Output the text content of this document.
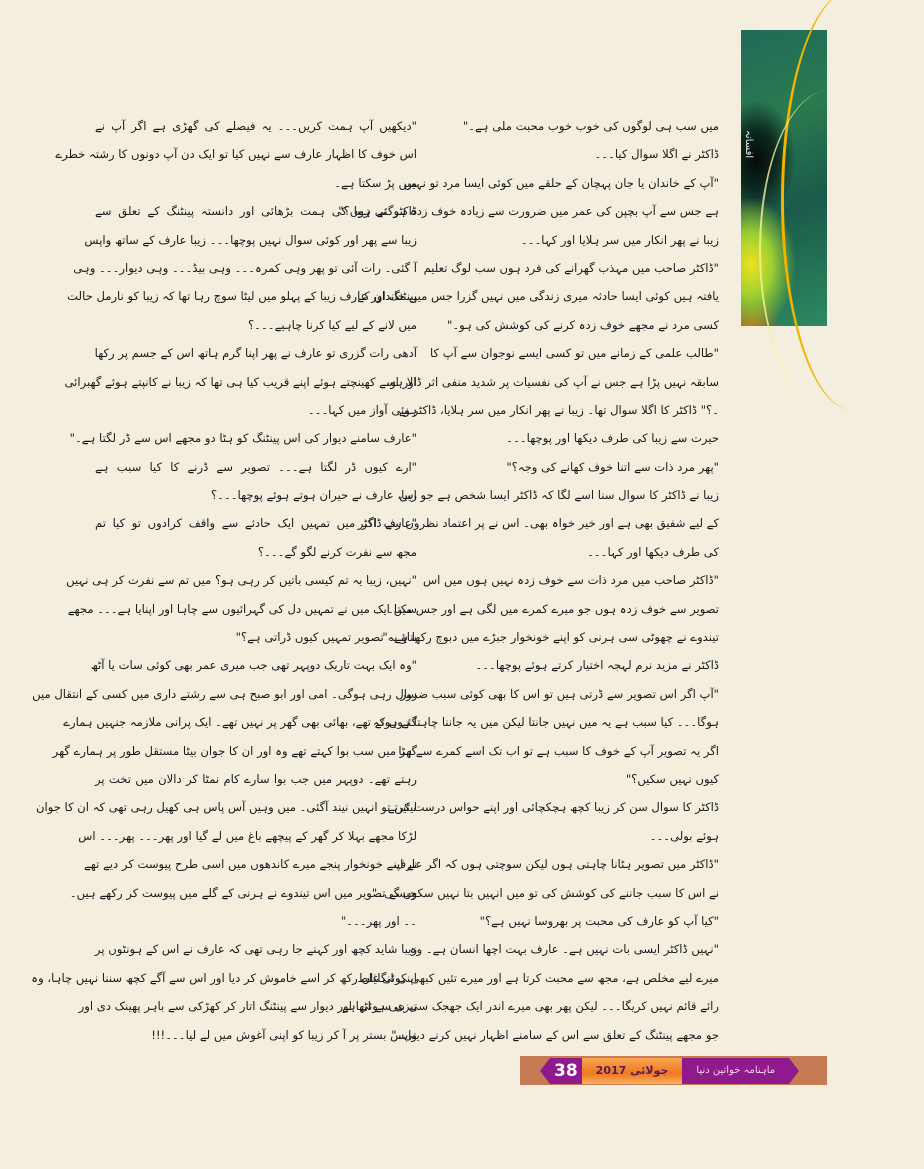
افسانہ
میں سب ہی لوگوں کی خوب خوب محبت ملی ہے۔"
ڈاکٹر نے اگلا سوال کیا۔۔۔
"آپ کے خاندان یا جان پہچان کے حلقے میں کوئی ایسا مرد تو نہیں
ہے جس سے آپ بچپن کی عمر میں ضرورت سے زیادہ خوف زدہ ہوگئی ہوں؟"
زیبا نے پھر انکار میں سر ہلایا اور کہا۔۔۔
"ڈاکٹر صاحب میں مہذب گھرانے کی فرد ہوں سب لوگ تعلیم
یافتہ ہیں کوئی ایسا حادثہ میری زندگی میں نہیں گزرا جس میں خاندان کے
کسی مرد نے مجھے خوف زدہ کرنے کی کوشش کی ہو۔"
"طالب علمی کے زمانے میں تو کسی ایسے نوجوان سے آپ کا
سابقہ نہیں پڑا ہے جس نے آپ کی نفسیات پر شدید منفی اثر ڈالا ہو۔
۔؟" ڈاکٹر کا اگلا سوال تھا۔ زیبا نے پھر انکار میں سر ہلایا، ڈاکٹر نے
حیرت سے زیبا کی طرف دیکھا اور پوچھا۔۔۔
"پھر مرد ذات سے اتنا خوف کھانے کی وجہ؟"
زیبا نے ڈاکٹر کا سوال سنا اسے لگا کہ ڈاکٹر ایسا شخص ہے جو اس
کے لیے شفیق بھی ہے اور خیر خواہ بھی۔ اس نے پر اعتماد نظروں سے ڈاکٹر
کی طرف دیکھا اور کہا۔۔۔
"ڈاکٹر صاحب میں مرد ذات سے خوف زدہ نہیں ہوں میں اس
تصویر سے خوف زدہ ہوں جو میرے کمرے میں لگی ہے اور جس میں ایک
تیندوے نے چھوٹی سی ہرنی کو اپنے خونخوار جبڑے میں دبوچ رکھا ہے۔"
ڈاکٹر نے مزید نرم لہجہ اختیار کرتے ہوئے پوچھا۔۔۔
"آپ اگر اس تصویر سے ڈرتی ہیں تو اس کا بھی کوئی سبب ضرور
ہوگا۔۔۔ کیا سبب ہے یہ میں نہیں جانتا لیکن میں یہ جاننا چاہتا ہوں کہ
اگر یہ تصویر آپ کے خوف کا سبب ہے تو اب تک اسے کمرے سے ہٹا
کیوں نہیں سکیں؟"
ڈاکٹر کا سوال سن کر زیبا کچھ ہچکچائی اور اپنے حواس درست کرتے
ہوئے بولی۔۔۔
"ڈاکٹر میں تصویر ہٹانا چاہتی ہوں لیکن سوچتی ہوں کہ اگر عارف
نے اس کا سبب جاننے کی کوشش کی تو میں انہیں بتا نہیں سکوں گی۔"
"کیا آپ کو عارف کی محبت پر بھروسا نہیں ہے؟"
"نہیں ڈاکٹر ایسی بات نہیں ہے۔ عارف بہت اچھا انسان ہے۔ وہ
میرے لیے مخلص ہے، مجھ سے محبت کرتا ہے اور میرے تئیں کبھی کوئی غلط
رائے قائم نہیں کریگا۔۔۔ لیکن پھر بھی میرے اندر ایک جھجک سی بنی ہوئی ہے
جو مجھے پینٹنگ کے تعلق سے اس کے سامنے اظہار نہیں کرنے دیتی۔"
"دیکھیں آپ ہمت کریں۔۔۔ یہ فیصلے کی گھڑی ہے اگر آپ نے
اس خوف کا اظہار عارف سے نہیں کیا تو ایک دن آپ دونوں کا رشتہ خطرے
میں پڑ سکتا ہے۔
ڈاکٹر نے زیبا کی ہمت بڑھائی اور دانستہ پینٹنگ کے تعلق سے
زیبا سے پھر اور کوئی سوال نہیں پوچھا۔۔۔ زیبا عارف کے ساتھ واپس
آ گئی۔ رات آئی تو پھر وہی کمرہ۔۔۔ وہی بیڈ۔۔۔ وہی دیوار۔۔۔ وہی
پینٹنگ اور عارف زیبا کے پہلو میں لیٹا سوچ رہا تھا کہ زیبا کو نارمل حالت
میں لانے کے لیے کیا کرنا چاہیے۔۔۔؟
آدھی رات گزری تو عارف نے پھر اپنا گرم ہاتھ اس کے جسم پر رکھا
اور اسے کھینچتے ہوئے اپنے قریب کیا ہی تھا کہ زیبا نے کانپتے ہوئے گھبرائی
ہوئی آواز میں کہا۔۔۔
"عارف سامنے دیوار کی اس پینٹنگ کو ہٹا دو مجھے اس سے ڈر لگتا ہے۔"
"ارے کیوں ڈر لگتا ہے۔۔۔ تصویر سے ڈرنے کا کیا سبب ہے
زیبا، عارف نے حیران ہوتے ہوئے پوچھا۔۔۔؟
"عارف اگر میں تمہیں ایک حادثے سے واقف کرادوں تو کیا تم
مجھ سے نفرت کرنے لگو گے۔۔۔؟
"نہیں، زیبا یہ تم کیسی باتیں کر رہی ہو؟ میں تم سے نفرت کر ہی نہیں
سکتا۔۔۔ میں نے تمہیں دل کی گہرائیوں سے چاہا اور اپنایا ہے۔۔۔ مجھے
بتاؤ یہ تصویر تمہیں کیوں ڈراتی ہے؟"
"وہ ایک بہت تاریک دوپہر تھی جب میری عمر بھی کوئی سات یا آٹھ
سال رہی ہوگی۔ امی اور ابو صبح ہی سے رشتے داری میں کسی کے انتقال میں
گئے ہوئے تھے، بھائی بھی گھر پر نہیں تھے۔ ایک پرانی ملازمہ جنہیں ہمارے
گھر میں سب بوا کہتے تھے وہ اور ان کا جوان بیٹا مستقل طور پر ہمارے گھر
رہتے تھے۔ دوپہر میں جب بوا سارے کام نمٹا کر دالان میں تخت پر
لیٹیں تو انہیں نیند آگئی۔ میں وہیں آس پاس ہی کھیل رہی تھی کہ ان کا جوان
لڑکا مجھے بہلا کر گھر کے پیچھے باغ میں لے گیا اور پھر۔۔۔ پھر۔۔۔ اس
نے اپنے خونخوار پنجے میرے کاندھوں میں اسی طرح پیوست کر دیے تھے
جیسے تصویر میں اس تیندوے نے ہرنی کے گلے میں پیوست کر رکھے ہیں۔
۔۔ اور پھر۔۔۔"
زیبا شاید کچھ اور کہنے جا رہی تھی کہ عارف نے اس کے ہونٹوں پر
اپنی انگلیاں رکھ کر اسے خاموش کر دیا اور اس سے آگے کچھ سننا نہیں چاہا، وہ
تیزی سے اٹھا اور دیوار سے پینٹنگ اتار کر کھڑکی سے باہر پھینک دی اور
واپس بستر پر آ کر زیبا کو اپنی آغوش میں لے لیا۔۔۔!!!
38	جولائی 2017	ماہنامہ خواتین دنیا
